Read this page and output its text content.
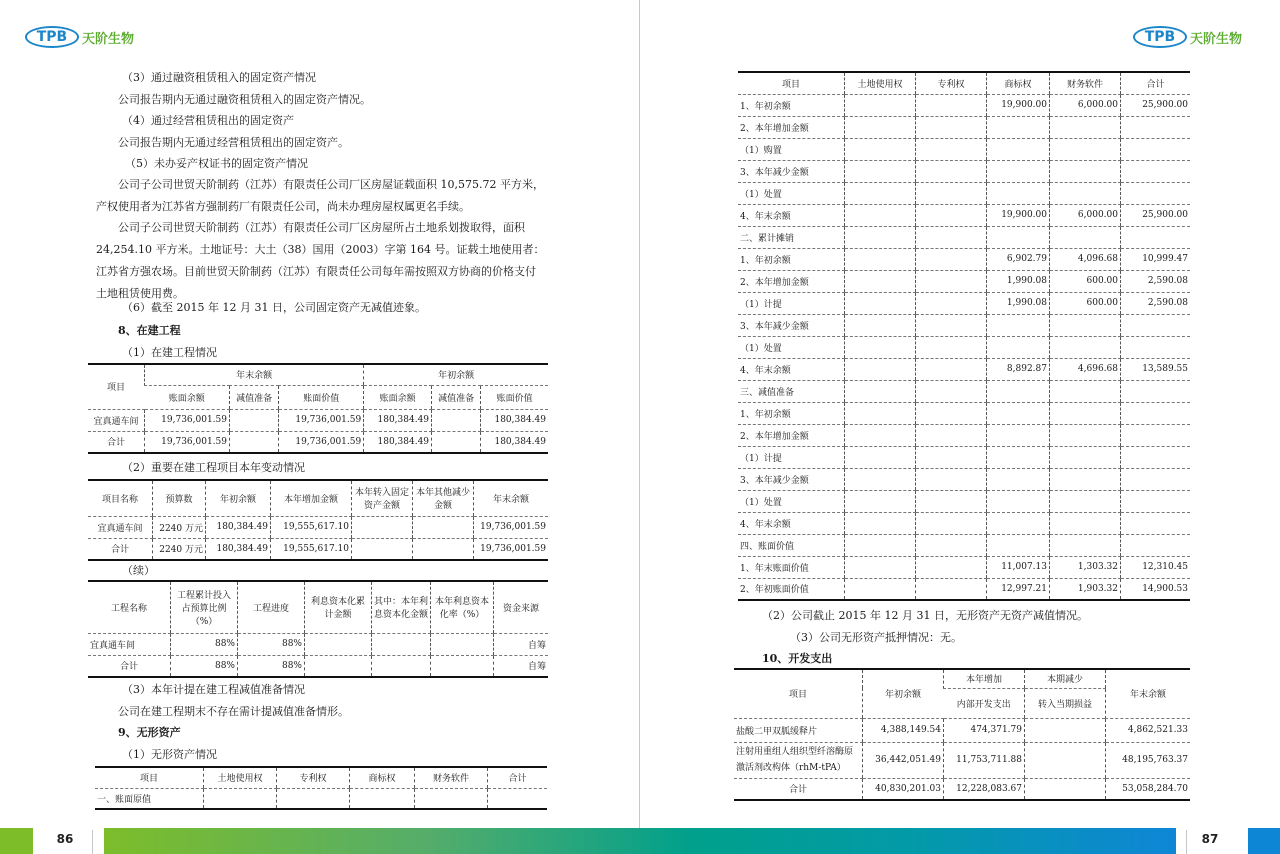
TPB	天阶生物
（3）通过融资租赁租入的固定资产情况
公司报告期内无通过融资租赁租入的固定资产情况。
（4）通过经营租赁租出的固定资产
公司报告期内无通过经营租赁租出的固定资产。
（5）未办妥产权证书的固定资产情况
公司子公司世贸天阶制药（江苏）有限责任公司厂区房屋证载面积 10,575.72 平方米，产权使用者为江苏省方强制药厂有限责任公司，尚未办理房屋权属更名手续。
公司子公司世贸天阶制药（江苏）有限责任公司厂区房屋所占土地系划拨取得，面积 24,254.10 平方米。土地证号：大土（38）国用（2003）字第 164 号。证载土地使用者：江苏省方强农场。目前世贸天阶制药（江苏）有限责任公司每年需按照双方协商的价格支付土地租赁使用费。
（6）截至 2015 年 12 月 31 日，公司固定资产无减值迹象。
8、在建工程
（1）在建工程情况
项目	年末余额			年初余额		
	账面余额	减值准备	账面价值	账面余额	减值准备	账面价值
宜真通车间	19,736,001.59		19,736,001.59	180,384.49		180,384.49
合计	19,736,001.59		19,736,001.59	180,384.49		180,384.49
（2）重要在建工程项目本年变动情况
项目名称	预算数	年初余额	本年增加金额	本年转入固定资产金额	本年其他减少金额	年末余额
宜真通车间	2240 万元	180,384.49	19,555,617.10			19,736,001.59
合计	2240 万元	180,384.49	19,555,617.10			19,736,001.59
（续）
工程名称	工程累计投入占预算比例（%）	工程进度	利息资本化累计金额	其中：本年利息资本化金额	本年利息资本化率（%）	资金来源
宜真通车间	88%	88%				自筹
合计	88%	88%				自筹
（3）本年计提在建工程减值准备情况
公司在建工程期末不存在需计提减值准备情形。
9、无形资产
（1）无形资产情况
项目	土地使用权	专利权	商标权	财务软件	合计
一、账面原值					
TPB	天阶生物
项目	土地使用权	专利权	商标权	财务软件	合计
1、年初余额			19,900.00	6,000.00	25,900.00
2、本年增加金额					
（1）购置					
3、本年减少金额					
（1）处置					
4、年末余额			19,900.00	6,000.00	25,900.00
二、累计摊销					
1、年初余额			6,902.79	4,096.68	10,999.47
2、本年增加金额			1,990.08	600.00	2,590.08
（1）计提			1,990.08	600.00	2,590.08
3、本年减少金额					
（1）处置					
4、年末余额			8,892.87	4,696.68	13,589.55
三、减值准备					
1、年初余额					
2、本年增加金额					
（1）计提					
3、本年减少金额					
（1）处置					
4、年末余额					
四、账面价值					
1、年末账面价值			11,007.13	1,303.32	12,310.45
2、年初账面价值			12,997.21	1,903.32	14,900.53
（2）公司截止 2015 年 12 月 31 日，无形资产无资产减值情况。
（3）公司无形资产抵押情况：无。
10、开发支出
项目	年初余额	本年增加	本期减少	年末余额
		内部开发支出	转入当期损益	
盐酸二甲双胍缓释片	4,388,149.54	474,371.79		4,862,521.33
注射用重组人组织型纤溶酶原激活剂改构体（rhM-tPA）	36,442,051.49	11,753,711.88		48,195,763.37
合计	40,830,201.03	12,228,083.67		53,058,284.70
86	87
